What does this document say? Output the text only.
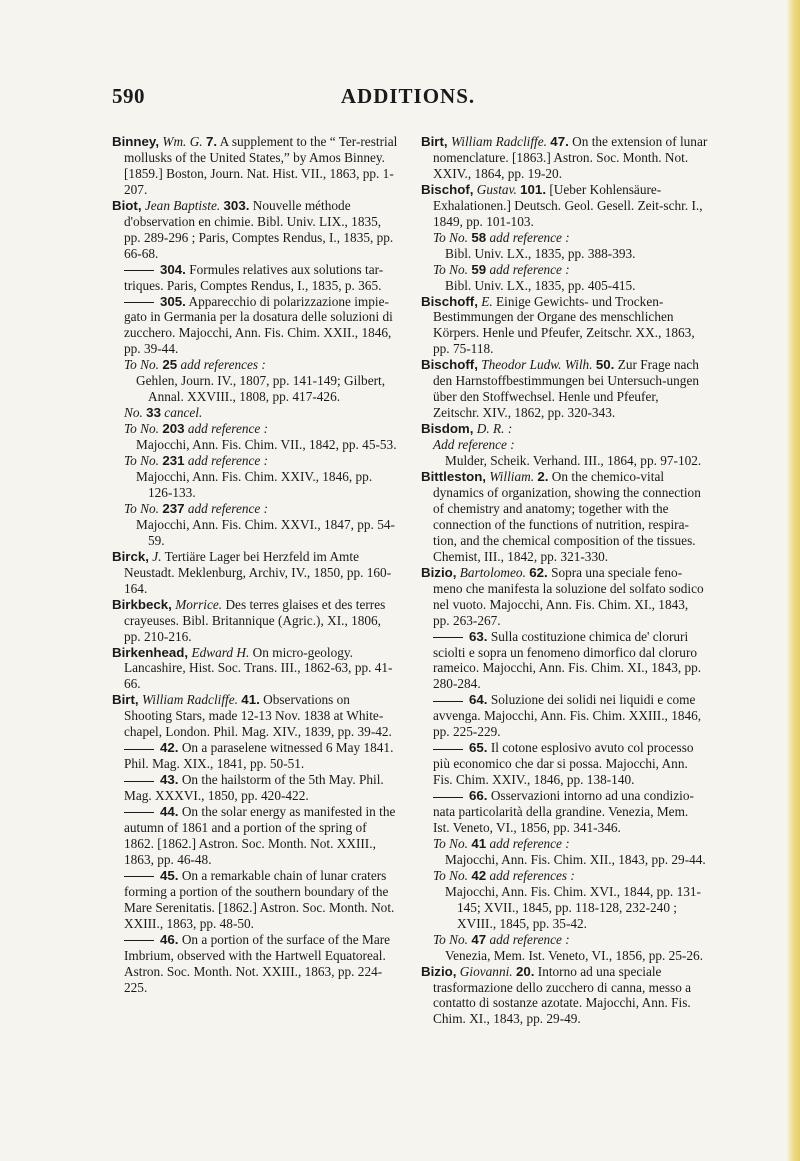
590	ADDITIONS.

Binney, Wm. G. 7. A supplement to the “ Ter-restrial mollusks of the United States,” by Amos Binney. [1859.] Boston, Journ. Nat. Hist. VII., 1863, pp. 1-207.

Biot, Jean Baptiste. 303. Nouvelle méthode d'observation en chimie. Bibl. Univ. LIX., 1835, pp. 289-296 ; Paris, Comptes Rendus, I., 1835, pp. 66-68.

304. Formules relatives aux solutions tar-triques. Paris, Comptes Rendus, I., 1835, p. 365.

305. Apparecchio di polarizzazione impie-gato in Germania per la dosatura delle soluzioni di zucchero. Majocchi, Ann. Fis. Chim. XXII., 1846, pp. 39-44.

To No. 25 add references :

Gehlen, Journ. IV., 1807, pp. 141-149; Gilbert, Annal. XXVIII., 1808, pp. 417-426.

No. 33 cancel.

To No. 203 add reference :

Majocchi, Ann. Fis. Chim. VII., 1842, pp. 45-53.

To No. 231 add reference :

Majocchi, Ann. Fis. Chim. XXIV., 1846, pp. 126-133.

To No. 237 add reference :

Majocchi, Ann. Fis. Chim. XXVI., 1847, pp. 54-59.

Birck, J. Tertiäre Lager bei Herzfeld im Amte Neustadt. Meklenburg, Archiv, IV., 1850, pp. 160-164.

Birkbeck, Morrice. Des terres glaises et des terres crayeuses. Bibl. Britannique (Agric.), XI., 1806, pp. 210-216.

Birkenhead, Edward H. On micro-geology. Lancashire, Hist. Soc. Trans. III., 1862-63, pp. 41-66.

Birt, William Radcliffe. 41. Observations on Shooting Stars, made 12-13 Nov. 1838 at White-chapel, London. Phil. Mag. XIV., 1839, pp. 39-42.

42. On a paraselene witnessed 6 May 1841. Phil. Mag. XIX., 1841, pp. 50-51.

43. On the hailstorm of the 5th May. Phil. Mag. XXXVI., 1850, pp. 420-422.

44. On the solar energy as manifested in the autumn of 1861 and a portion of the spring of 1862. [1862.] Astron. Soc. Month. Not. XXIII., 1863, pp. 46-48.

45. On a remarkable chain of lunar craters forming a portion of the southern boundary of the Mare Serenitatis. [1862.] Astron. Soc. Month. Not. XXIII., 1863, pp. 48-50.

46. On a portion of the surface of the Mare Imbrium, observed with the Hartwell Equatoreal. Astron. Soc. Month. Not. XXIII., 1863, pp. 224-225.

Birt, William Radcliffe. 47. On the extension of lunar nomenclature. [1863.] Astron. Soc. Month. Not. XXIV., 1864, pp. 19-20.

Bischof, Gustav. 101. [Ueber Kohlensäure-Exhalationen.] Deutsch. Geol. Gesell. Zeit-schr. I., 1849, pp. 101-103.

To No. 58 add reference :

Bibl. Univ. LX., 1835, pp. 388-393.

To No. 59 add reference :

Bibl. Univ. LX., 1835, pp. 405-415.

Bischoff, E. Einige Gewichts- und Trocken-Bestimmungen der Organe des menschlichen Körpers. Henle und Pfeufer, Zeitschr. XX., 1863, pp. 75-118.

Bischoff, Theodor Ludw. Wilh. 50. Zur Frage nach den Harnstoffbestimmungen bei Untersuch-ungen über den Stoffwechsel. Henle und Pfeufer, Zeitschr. XIV., 1862, pp. 320-343.

Bisdom, D. R. :

Add reference :

Mulder, Scheik. Verhand. III., 1864, pp. 97-102.

Bittleston, William. 2. On the chemico-vital dynamics of organization, showing the connection of chemistry and anatomy; together with the connection of the functions of nutrition, respira-tion, and the chemical composition of the tissues. Chemist, III., 1842, pp. 321-330.

Bizio, Bartolomeo. 62. Sopra una speciale feno-meno che manifesta la soluzione del solfato sodico nel vuoto. Majocchi, Ann. Fis. Chim. XI., 1843, pp. 263-267.

63. Sulla costituzione chimica de' cloruri sciolti e sopra un fenomeno dimorfico dal cloruro rameico. Majocchi, Ann. Fis. Chim. XI., 1843, pp. 280-284.

64. Soluzione dei solidi nei liquidi e come avvenga. Majocchi, Ann. Fis. Chim. XXIII., 1846, pp. 225-229.

65. Il cotone esplosivo avuto col processo più economico che dar si possa. Majocchi, Ann. Fis. Chim. XXIV., 1846, pp. 138-140.

66. Osservazioni intorno ad una condizio-nata particolarità della grandine. Venezia, Mem. Ist. Veneto, VI., 1856, pp. 341-346.

To No. 41 add reference :

Majocchi, Ann. Fis. Chim. XII., 1843, pp. 29-44.

To No. 42 add references :

Majocchi, Ann. Fis. Chim. XVI., 1844, pp. 131-145; XVII., 1845, pp. 118-128, 232-240 ; XVIII., 1845, pp. 35-42.

To No. 47 add reference :

Venezia, Mem. Ist. Veneto, VI., 1856, pp. 25-26.

Bizio, Giovanni. 20. Intorno ad una speciale trasformazione dello zucchero di canna, messo a contatto di sostanze azotate. Majocchi, Ann. Fis. Chim. XI., 1843, pp. 29-49.
